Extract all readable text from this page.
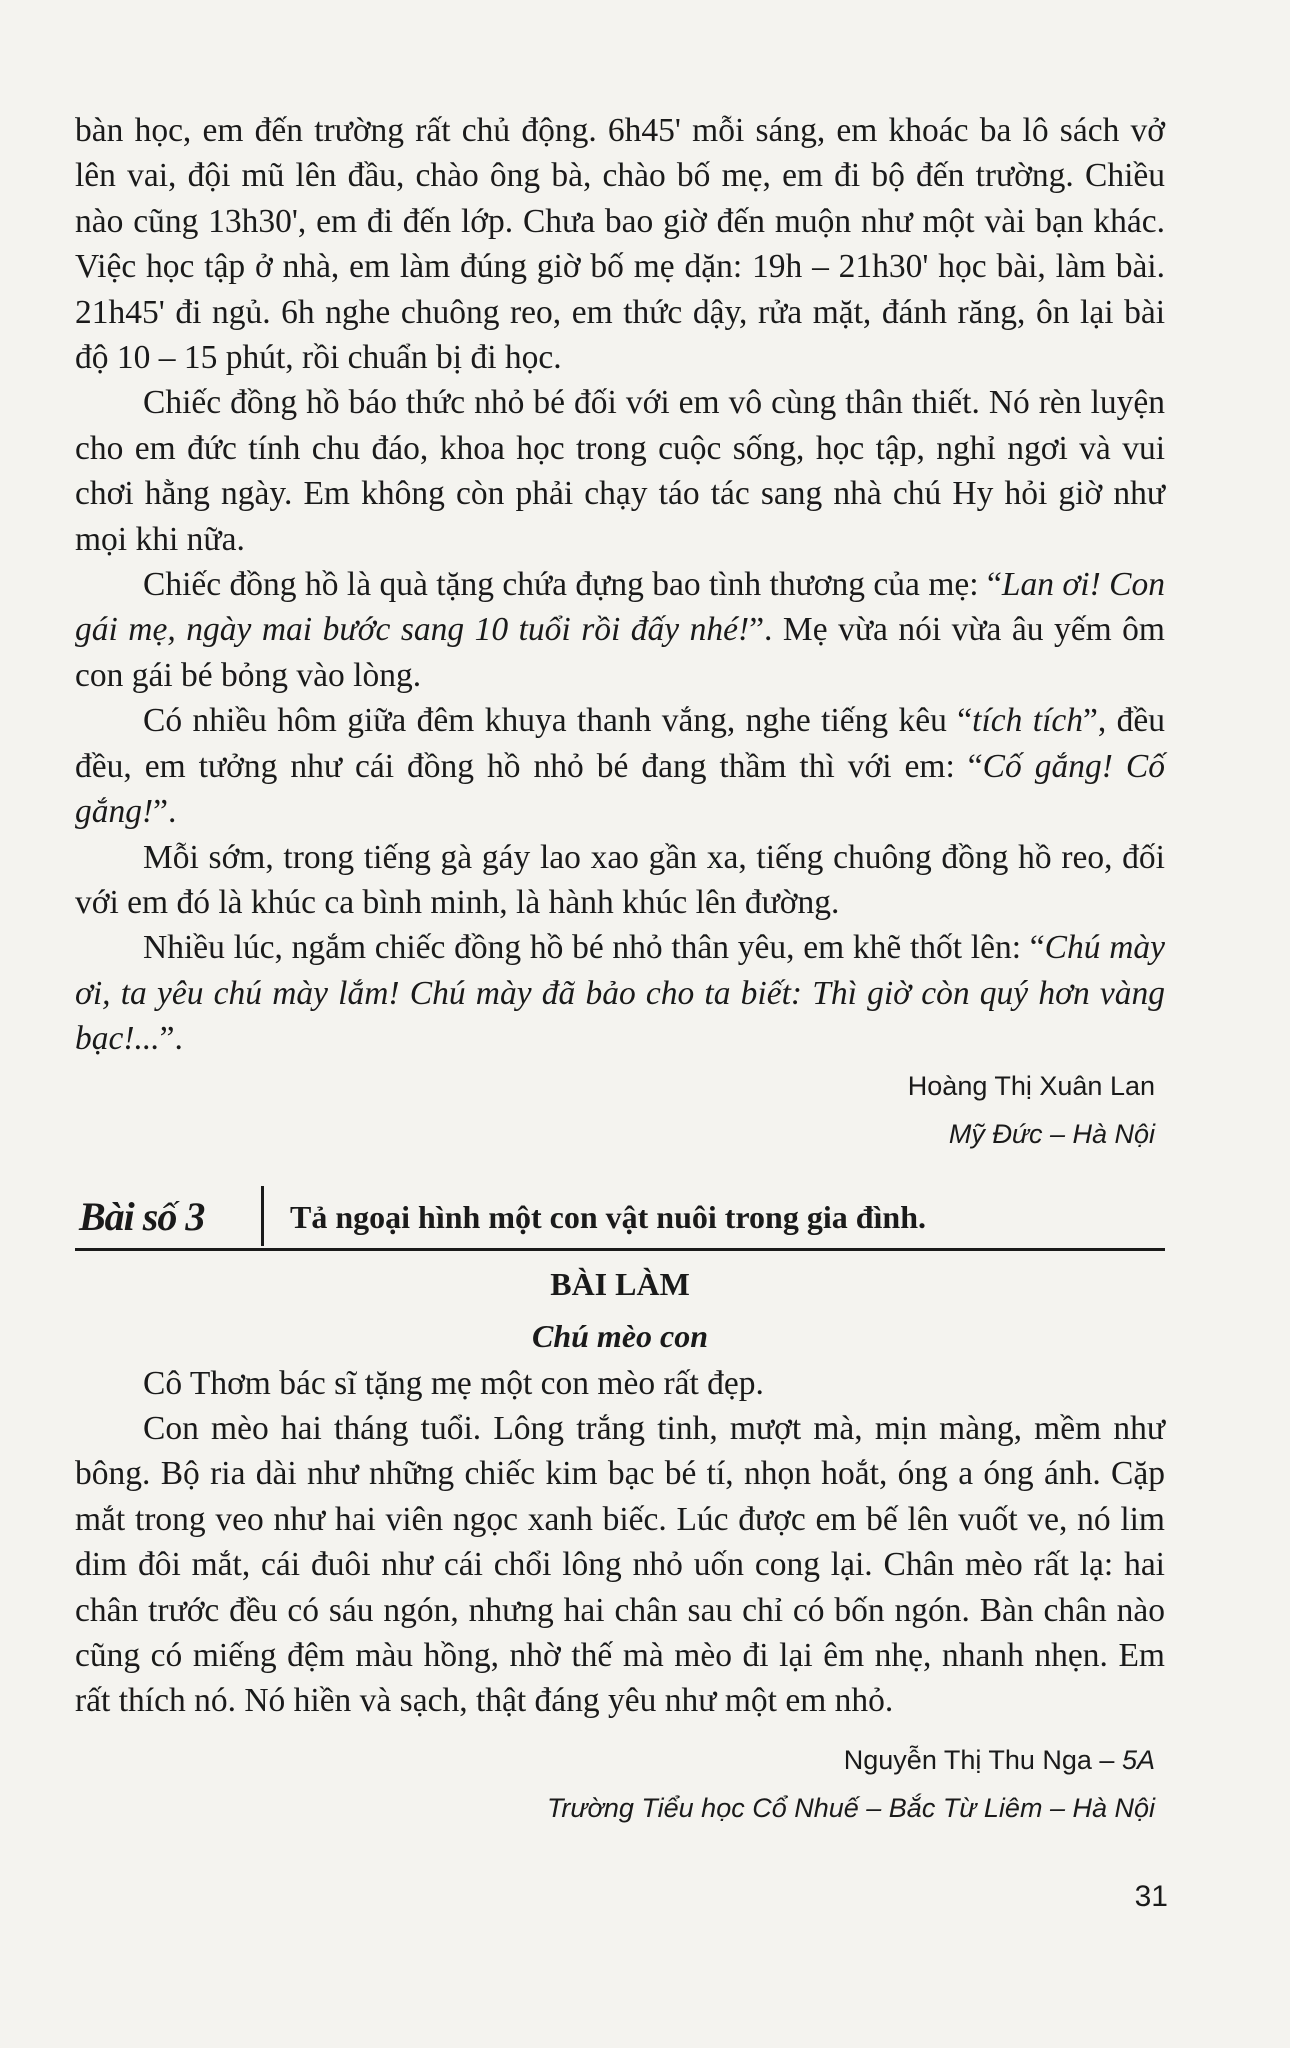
bàn học, em đến trường rất chủ động. 6h45' mỗi sáng, em khoác ba lô sách vở lên vai, đội mũ lên đầu, chào ông bà, chào bố mẹ, em đi bộ đến trường. Chiều nào cũng 13h30', em đi đến lớp. Chưa bao giờ đến muộn như một vài bạn khác. Việc học tập ở nhà, em làm đúng giờ bố mẹ dặn: 19h – 21h30' học bài, làm bài. 21h45' đi ngủ. 6h nghe chuông reo, em thức dậy, rửa mặt, đánh răng, ôn lại bài độ 10 – 15 phút, rồi chuẩn bị đi học.

Chiếc đồng hồ báo thức nhỏ bé đối với em vô cùng thân thiết. Nó rèn luyện cho em đức tính chu đáo, khoa học trong cuộc sống, học tập, nghỉ ngơi và vui chơi hằng ngày. Em không còn phải chạy táo tác sang nhà chú Hy hỏi giờ như mọi khi nữa.

Chiếc đồng hồ là quà tặng chứa đựng bao tình thương của mẹ: “Lan ơi! Con gái mẹ, ngày mai bước sang 10 tuổi rồi đấy nhé!”. Mẹ vừa nói vừa âu yếm ôm con gái bé bỏng vào lòng.

Có nhiều hôm giữa đêm khuya thanh vắng, nghe tiếng kêu “tích tích”, đều đều, em tưởng như cái đồng hồ nhỏ bé đang thầm thì với em: “Cố gắng! Cố gắng!”.

Mỗi sớm, trong tiếng gà gáy lao xao gần xa, tiếng chuông đồng hồ reo, đối với em đó là khúc ca bình minh, là hành khúc lên đường.

Nhiều lúc, ngắm chiếc đồng hồ bé nhỏ thân yêu, em khẽ thốt lên: “Chú mày ơi, ta yêu chú mày lắm! Chú mày đã bảo cho ta biết: Thì giờ còn quý hơn vàng bạc!...”.

Hoàng Thị Xuân Lan
Mỹ Đức – Hà Nội
Bài số 3	Tả ngoại hình một con vật nuôi trong gia đình.
BÀI LÀM
Chú mèo con

Cô Thơm bác sĩ tặng mẹ một con mèo rất đẹp.

Con mèo hai tháng tuổi. Lông trắng tinh, mượt mà, mịn màng, mềm như bông. Bộ ria dài như những chiếc kim bạc bé tí, nhọn hoắt, óng a óng ánh. Cặp mắt trong veo như hai viên ngọc xanh biếc. Lúc được em bế lên vuốt ve, nó lim dim đôi mắt, cái đuôi như cái chổi lông nhỏ uốn cong lại. Chân mèo rất lạ: hai chân trước đều có sáu ngón, nhưng hai chân sau chỉ có bốn ngón. Bàn chân nào cũng có miếng đệm màu hồng, nhờ thế mà mèo đi lại êm nhẹ, nhanh nhẹn. Em rất thích nó. Nó hiền và sạch, thật đáng yêu như một em nhỏ.

Nguyễn Thị Thu Nga – 5A
Trường Tiểu học Cổ Nhuế – Bắc Từ Liêm – Hà Nội
31
